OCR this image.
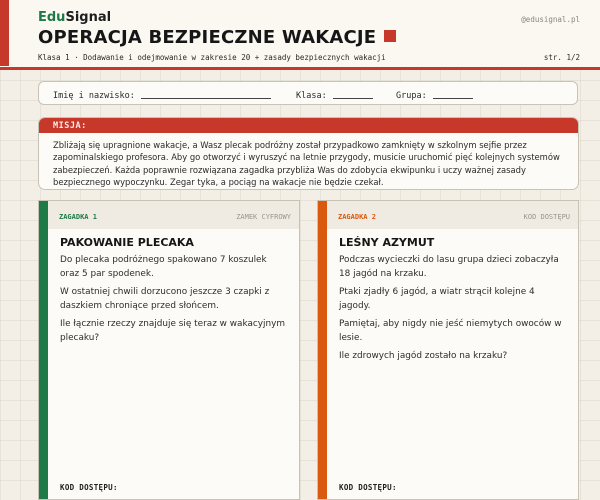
EduSignal	@edusignal.pl
OPERACJA BEZPIECZNE WAKACJE
Klasa 1 · Dodawanie i odejmowanie w zakresie 20 + zasady bezpiecznych wakacji	str. 1/2
Imię i nazwisko:	Klasa:	Grupa:
MISJA:

Zbliżają się upragnione wakacje, a Wasz plecak podróżny został przypadkowo zamknięty w szkolnym sejfie przez zapominalskiego profesora. Aby go otworzyć i wyruszyć na letnie przygody, musicie uruchomić pięć kolejnych systemów zabezpieczeń. Każda poprawnie rozwiązana zagadka przybliża Was do zdobycia ekwipunku i uczy ważnej zasady bezpiecznego wypoczynku. Zegar tyka, a pociąg na wakacje nie będzie czekał.

ZAGADKA 1	ZAMEK CYFROWY
PAKOWANIE PLECAKA

Do plecaka podróżnego spakowano 7 koszulek oraz 5 par spodenek.

W ostatniej chwili dorzucono jeszcze 3 czapki z daszkiem chroniące przed słońcem.

Ile łącznie rzeczy znajduje się teraz w wakacyjnym plecaku?

KOD DOSTĘPU:
ZAGADKA 2	KOD DOSTĘPU
LEŚNY AZYMUT

Podczas wycieczki do lasu grupa dzieci zobaczyła 18 jagód na krzaku.

Ptaki zjadły 6 jagód, a wiatr strącił kolejne 4 jagody.

Pamiętaj, aby nigdy nie jeść niemytych owoców w lesie.

Ile zdrowych jagód zostało na krzaku?

KOD DOSTĘPU:
